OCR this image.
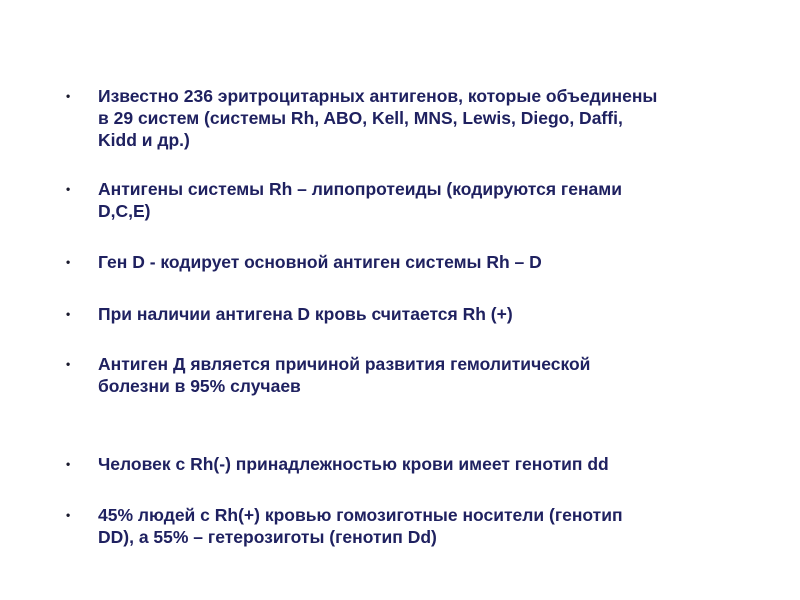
•	Известно 236 эритроцитарных антигенов, которые объединены
в 29 систем (системы Rh, ABO, Kell, MNS, Lewis, Diego, Daffi,
Kidd и др.)
•	Антигены системы Rh – липопротеиды (кодируются генами
D,C,E)
•	Ген D - кодирует основной антиген системы Rh – D
•	При наличии антигена D кровь считается Rh (+)
•	Антиген Д является причиной развития гемолитической
болезни в 95% случаев
•	Человек с Rh(-) принадлежностью крови имеет генотип dd
•	45% людей с Rh(+) кровью гомозиготные носители (генотип
DD), а 55% – гетерозиготы (генотип Dd)
